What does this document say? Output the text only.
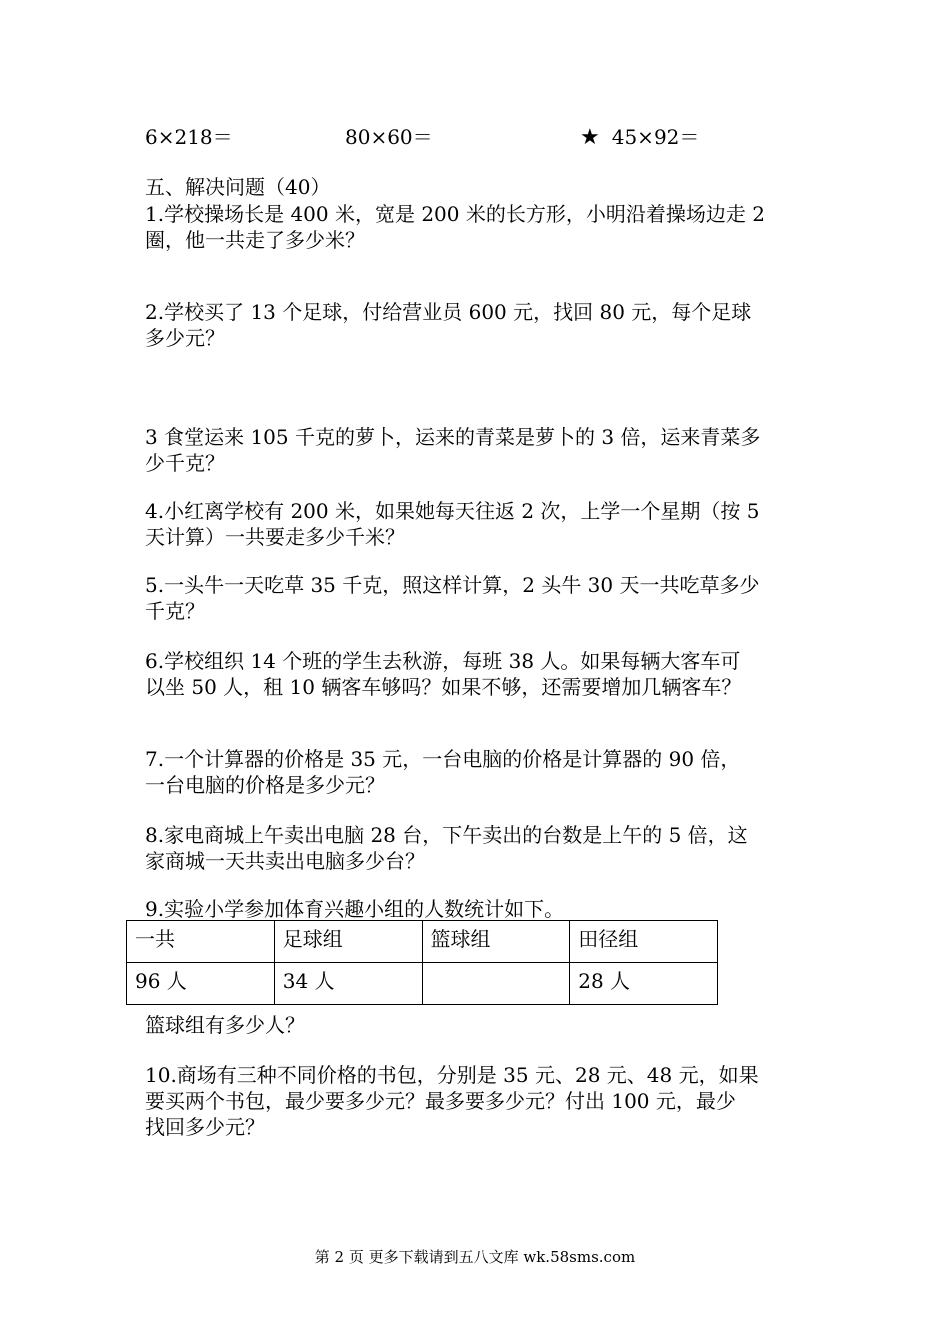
6×218＝	80×60＝	★ 45×92＝
五、解决问题（40）
1.学校操场长是 400 米，宽是 200 米的长方形，小明沿着操场边走 2
圈，他一共走了多少米？
2.学校买了 13 个足球，付给营业员 600 元，找回 80 元，每个足球
多少元？
3 食堂运来 105 千克的萝卜，运来的青菜是萝卜的 3 倍，运来青菜多
少千克？
4.小红离学校有 200 米，如果她每天往返 2 次，上学一个星期（按 5
天计算）一共要走多少千米？
5.一头牛一天吃草 35 千克，照这样计算，2 头牛 30 天一共吃草多少
千克？
6.学校组织 14 个班的学生去秋游，每班 38 人。如果每辆大客车可
以坐 50 人，租 10 辆客车够吗？如果不够，还需要增加几辆客车？
7.一个计算器的价格是 35 元，一台电脑的价格是计算器的 90 倍，
一台电脑的价格是多少元？
8.家电商城上午卖出电脑 28 台，下午卖出的台数是上午的 5 倍，这
家商城一天共卖出电脑多少台？
9.实验小学参加体育兴趣小组的人数统计如下。
一共	足球组	篮球组	田径组
96 人	34 人		28 人
篮球组有多少人？
10.商场有三种不同价格的书包，分别是 35 元、28 元、48 元，如果
要买两个书包，最少要多少元？最多要多少元？付出 100 元，最少
找回多少元？
第 2 页 更多下载请到五八文库 wk.58sms.com
